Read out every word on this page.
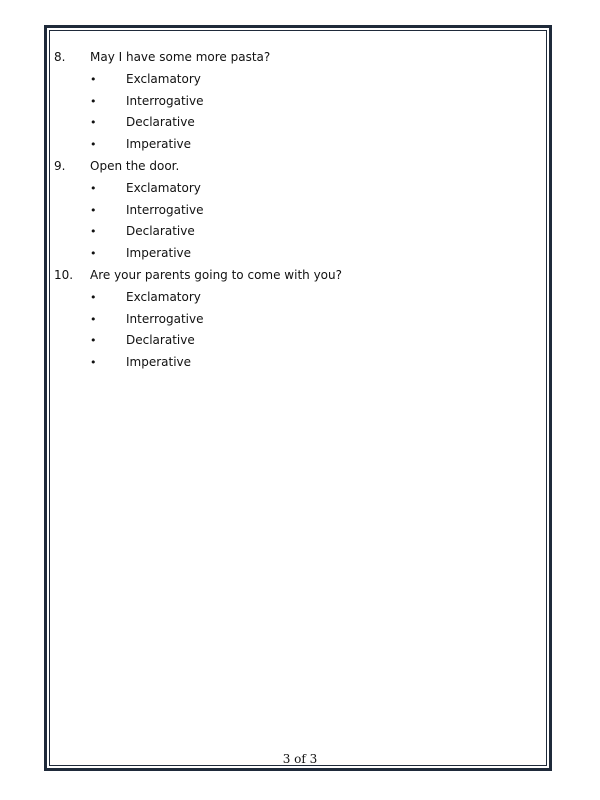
8.	May I have some more pasta?
•	Exclamatory
•	Interrogative
•	Declarative
•	Imperative
9.	Open the door.
•	Exclamatory
•	Interrogative
•	Declarative
•	Imperative
10.	Are your parents going to come with you?
•	Exclamatory
•	Interrogative
•	Declarative
•	Imperative
3 of 3
